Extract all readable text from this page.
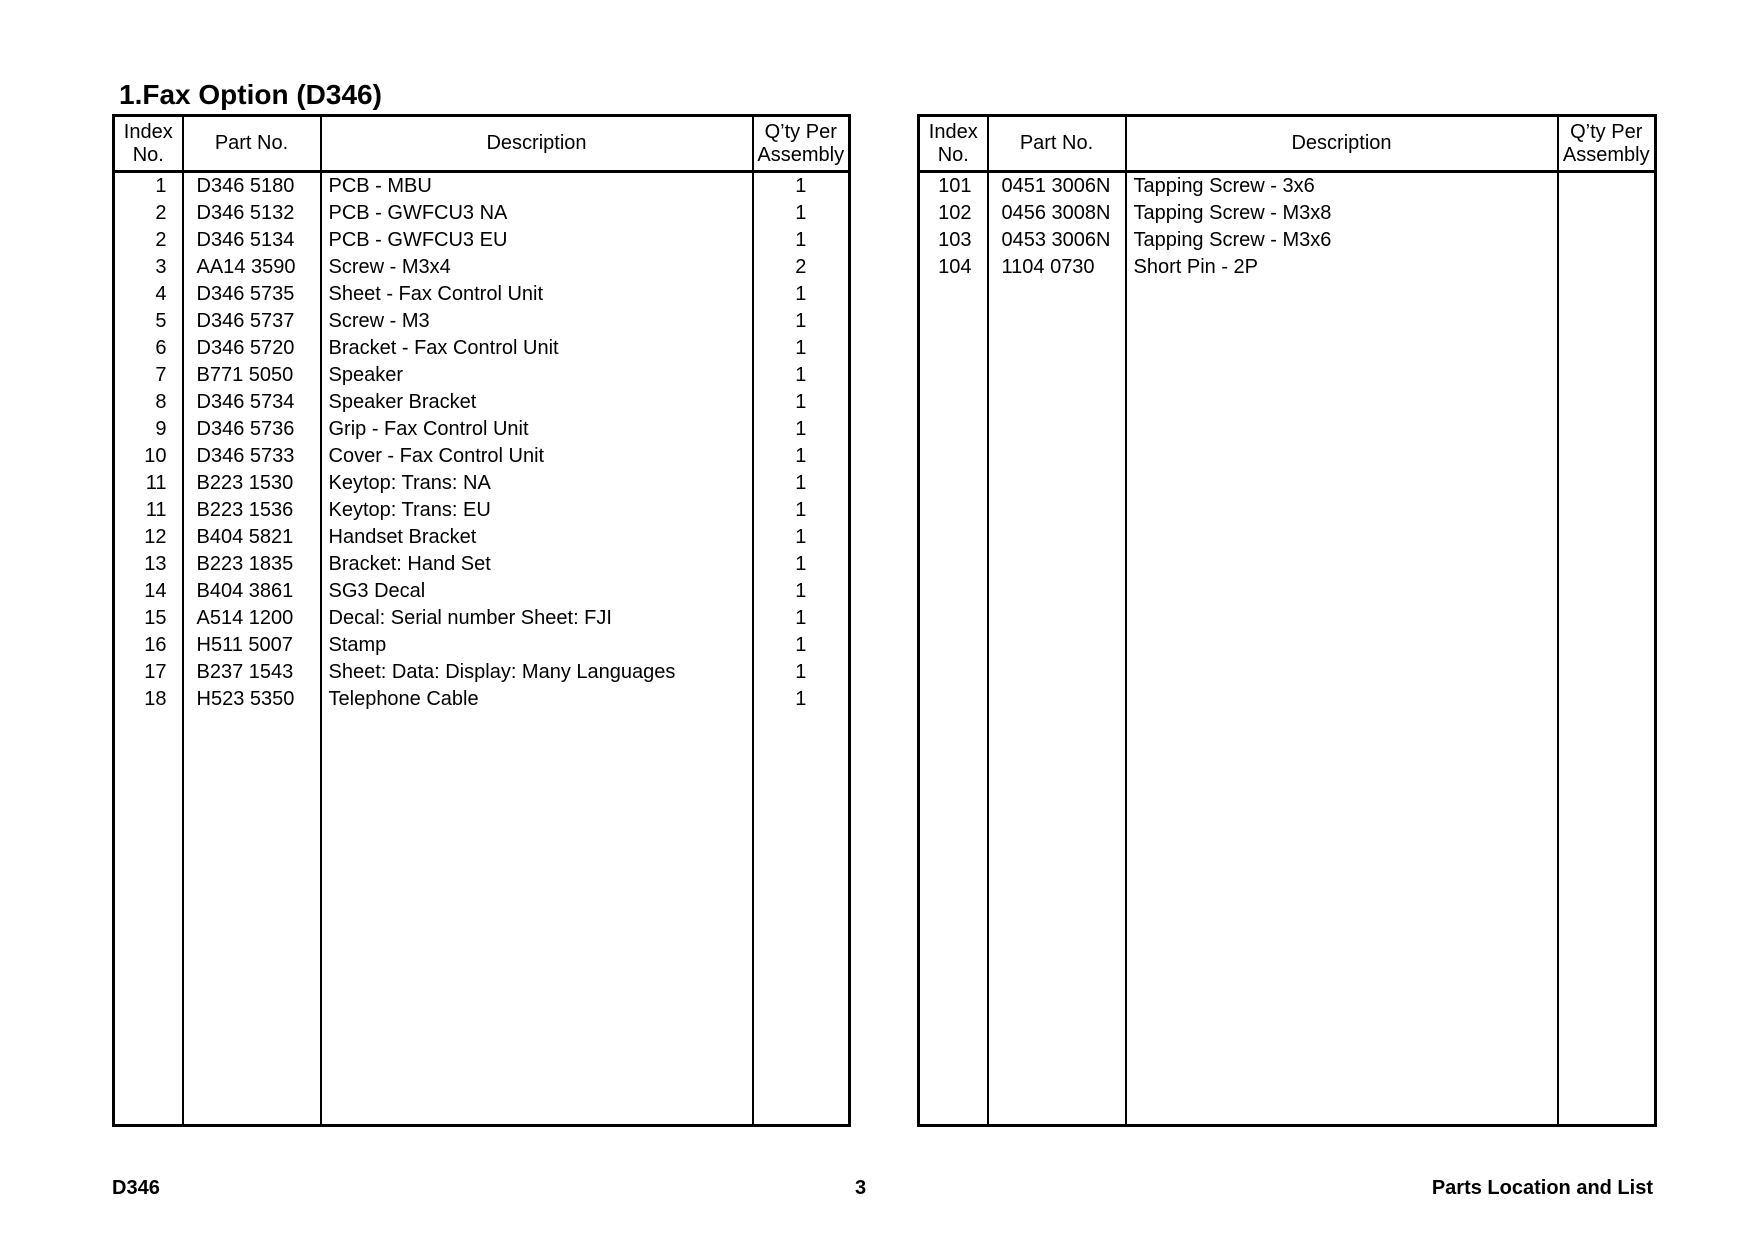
1.Fax Option (D346)
Index
No.	Part No.	Description	Q’ty Per
Assembly
1	D346 5180	PCB - MBU	1
2	D346 5132	PCB - GWFCU3 NA	1
2	D346 5134	PCB - GWFCU3 EU	1
3	AA14 3590	Screw - M3x4	2
4	D346 5735	Sheet - Fax Control Unit	1
5	D346 5737	Screw - M3	1
6	D346 5720	Bracket - Fax Control Unit	1
7	B771 5050	Speaker	1
8	D346 5734	Speaker Bracket	1
9	D346 5736	Grip - Fax Control Unit	1
10	D346 5733	Cover - Fax Control Unit	1
11	B223 1530	Keytop: Trans: NA	1
11	B223 1536	Keytop: Trans: EU	1
12	B404 5821	Handset Bracket	1
13	B223 1835	Bracket: Hand Set	1
14	B404 3861	SG3 Decal	1
15	A514 1200	Decal: Serial number Sheet: FJI	1
16	H511 5007	Stamp	1
17	B237 1543	Sheet: Data: Display: Many Languages	1
18	H523 5350	Telephone Cable	1

Index
No.	Part No.	Description	Q’ty Per
Assembly
101	0451 3006N	Tapping Screw - 3x6	
102	0456 3008N	Tapping Screw - M3x8	
103	0453 3006N	Tapping Screw - M3x6	
104	1104 0730	Short Pin - 2P	

D346	3	Parts Location and List
